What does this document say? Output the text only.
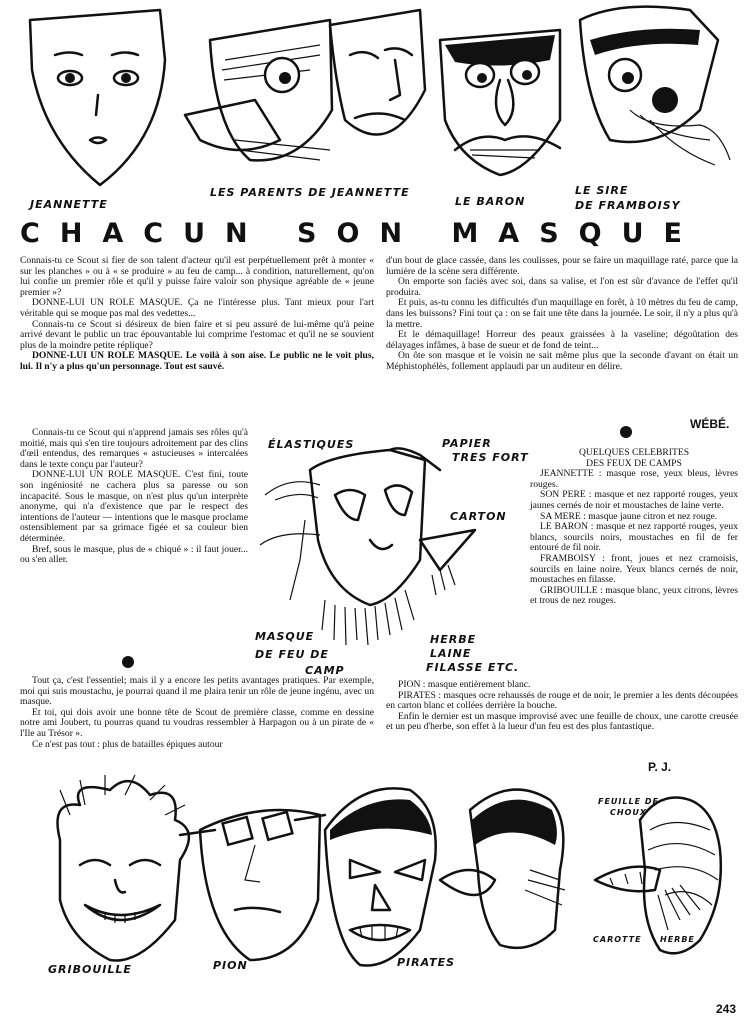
JEANNETTE
LES PARENTS DE JEANNETTE
LE BARON
LE SIRE
DE FRAMBOISY
CHACUN SON MASQUE

Connais-tu ce Scout si fier de son talent d'acteur qu'il est perpétuellement prêt à monter « sur les planches » ou à « se produire » au feu de camp... à condition, naturellement, qu'on lui confie un premier rôle et qu'il y puisse faire valoir son physique agréable de « jeune premier »?

DONNE-LUI UN ROLE MASQUE. Ça ne l'intéresse plus. Tant mieux pour l'art véritable qui se moque pas mal des vedettes...

Connais-tu ce Scout si désireux de bien faire et si peu assuré de lui-même qu'à peine arrivé devant le public un trac épouvantable lui comprime l'estomac et qu'il ne se souvient plus de la moindre petite réplique?

DONNE-LUI UN ROLE MASQUE. Le voilà à son aise. Le public ne le voit plus, lui. Il n'y a plus qu'un personnage. Tout est sauvé.

Connais-tu ce Scout qui n'apprend jamais ses rôles qu'à moitié, mais qui s'en tire toujours adroitement par des clins d'œil entendus, des remarques « astucieuses » intercalées dans le texte conçu par l'auteur?

DONNE-LUI UN ROLE MASQUE. C'est fini, toute son ingéniosité ne cachera plus sa paresse ou son incapacité. Sous le masque, on n'est plus qu'un interprète anonyme, qui n'a d'existence que par le respect des intentions de l'auteur — intentions que le masque proclame ostensiblement par sa grimace figée et sa couleur bien déterminée.

Bref, sous le masque, plus de « chiqué » : il faut jouer... ou s'en aller.

Tout ça, c'est l'essentiel; mais il y a encore les petits avantages pratiques. Par exemple, moi qui suis moustachu, je pourrai quand il me plaira tenir un rôle de jeune ingénu, avec un masque.

Et toi, qui dois avoir une bonne tête de Scout de première classe, comme en dessine notre ami Joubert, tu pourras quand tu voudras ressembler à Harpagon ou à un pirate de « l'Ile au Trésor ».

Ce n'est pas tout : plus de batailles épiques autour

d'un bout de glace cassée, dans les coulisses, pour se faire un maquillage raté, parce que la lumière de la scène sera différente.

On emporte son faciès avec soi, dans sa valise, et l'on est sûr d'avance de l'effet qu'il produira.

Et puis, as-tu connu les difficultés d'un maquillage en forêt, à 10 mètres du feu de camp, dans les buissons? Fini tout ça : on se fait une tête dans la journée. Le soir, il n'y a plus qu'à la mettre.

Et le démaquillage! Horreur des peaux graissées à la vaseline; dégoûtation des délayages infâmes, à base de sueur et de fond de teint...

On ôte son masque et le voisin ne sait même plus que la seconde d'avant on était un Méphistophélès, follement applaudi par un auditeur en délire.

WÉBÉ.
ÉLASTIQUES	PAPIER
TRES FORT
CARTON
HERBE
LAINE
FILASSE ETC.
MASQUE
DE FEU DE
CAMP

QUELQUES CELEBRITES

DES FEUX DE CAMPS

JEANNETTE : masque rose, yeux bleus, lèvres rouges.

SON PERE : masque et nez rapporté rouges, yeux jaunes cernés de noir et moustaches de laine verte.

SA MERE : masque jaune citron et nez rouge.

LE BARON : masque et nez rapporté rouges, yeux blancs, sourcils noirs, moustaches en fil de fer entouré de fil noir.

FRAMBOISY : front, joues et nez cramoisis, sourcils en laine noire. Yeux blancs cernés de noir, moustaches en filasse.

GRIBOUILLE : masque blanc, yeux citrons, lèvres et trous de nez rouges.

PION : masque entièrement blanc.

PIRATES : masques ocre rehaussés de rouge et de noir, le premier a les dents découpées en carton blanc et collées derrière la bouche.

Enfin le dernier est un masque improvisé avec une feuille de choux, une carotte creusée et un peu d'herbe, son effet à la lueur d'un feu est des plus fantastique.

P. J.
GRIBOUILLE	PION	PIRATES
FEUILLE DE
CHOUX
CAROTTE HERBE
243
